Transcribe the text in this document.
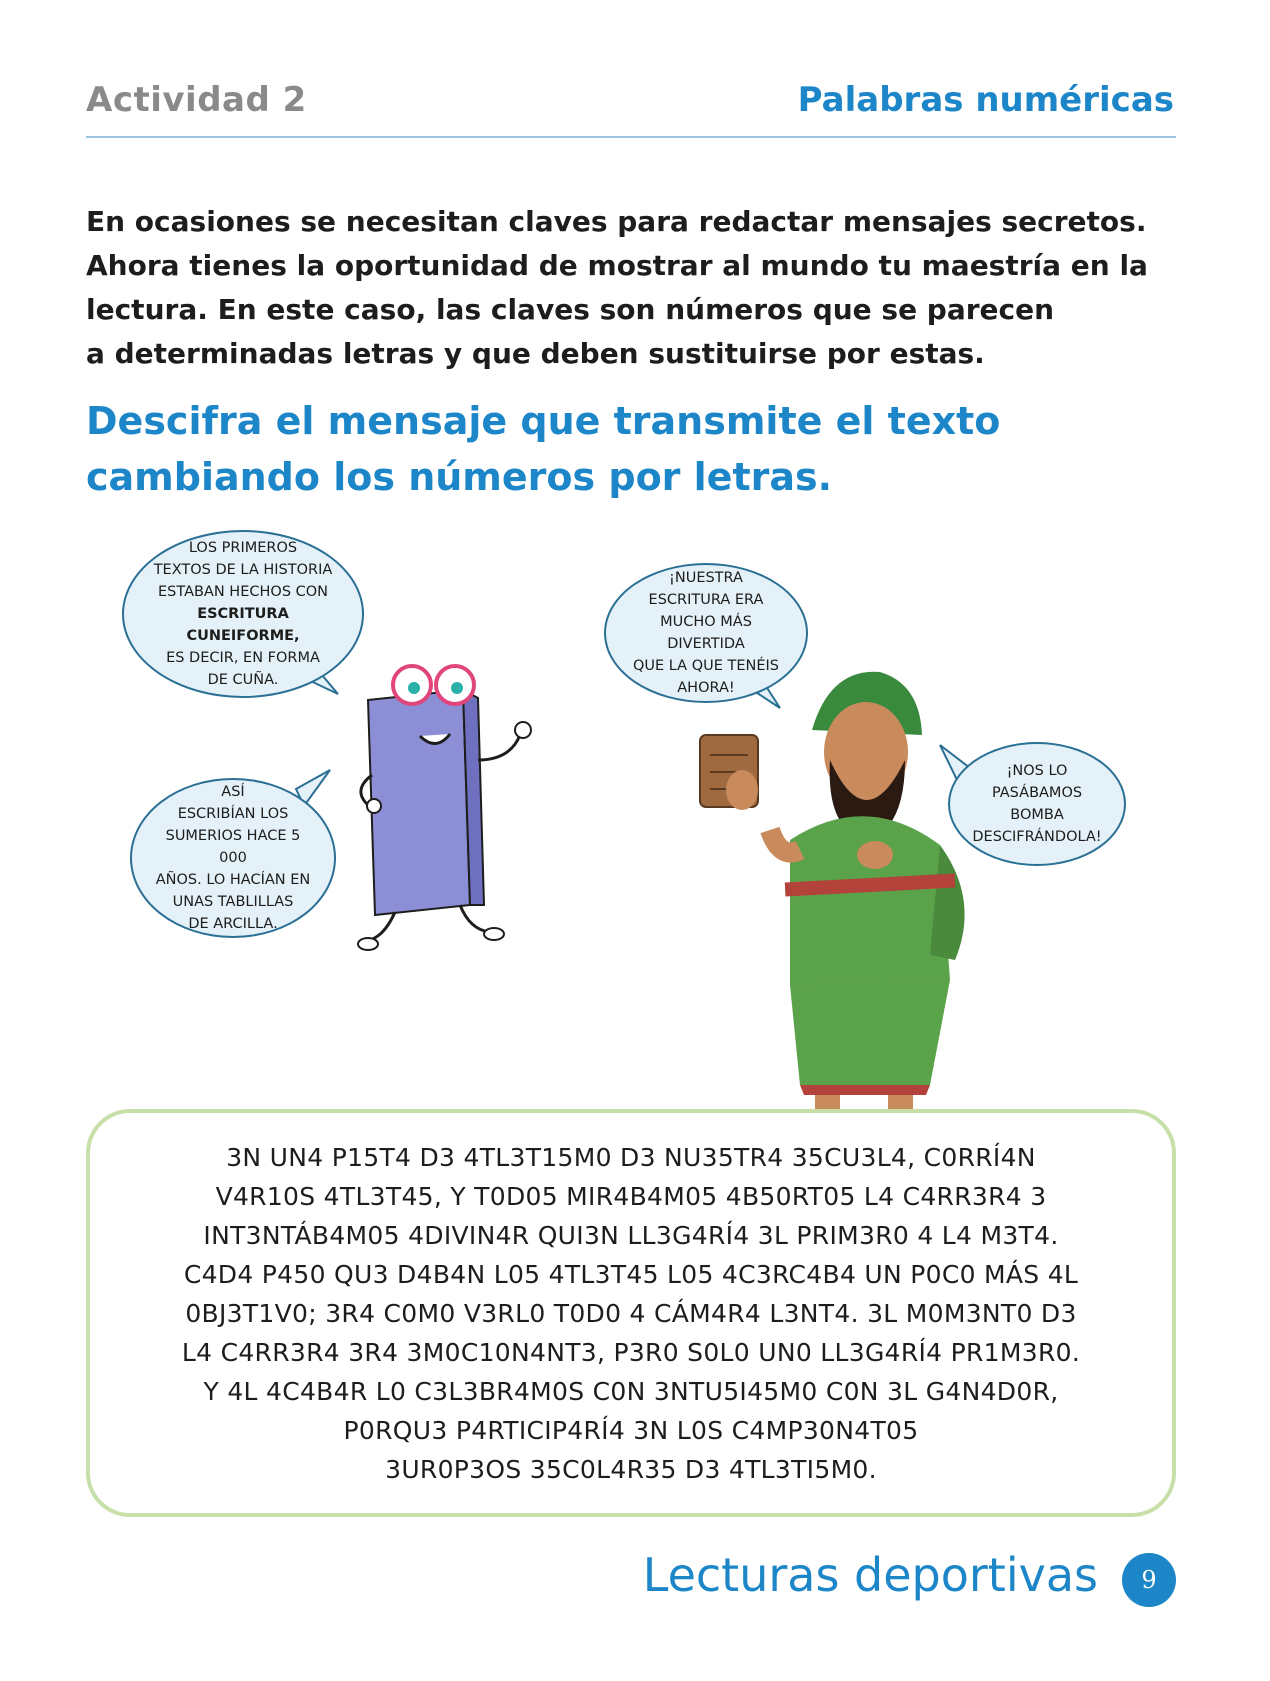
Actividad 2	Palabras numéricas

En ocasiones se necesitan claves para redactar mensajes secretos.
Ahora tienes la oportunidad de mostrar al mundo tu maestría en la
lectura. En este caso, las claves son números que se parecen
a determinadas letras y que deben sustituirse por estas.

Descifra el mensaje que transmite el texto
cambiando los números por letras.

LOS PRIMEROS
TEXTOS DE LA HISTORIA
ESTABAN HECHOS CON
ESCRITURA CUNEIFORME,
ES DECIR, EN FORMA
DE CUÑA.

ASÍ
ESCRIBÍAN LOS
SUMERIOS HACE 5 000
AÑOS. LO HACÍAN EN
UNAS TABLILLAS
DE ARCILLA.

¡NUESTRA
ESCRITURA ERA
MUCHO MÁS DIVERTIDA
QUE LA QUE TENÉIS
AHORA!

¡NOS LO
PASÁBAMOS
BOMBA
DESCIFRÁNDOLA!

3N UN4 P15T4 D3 4TL3T15M0 D3 NU35TR4 35CU3L4, C0RRÍ4N
V4R10S 4TL3T45, Y T0D05 MIR4B4M05 4B50RT05 L4 C4RR3R4 3
INT3NTÁB4M05 4DIVIN4R QUI3N LL3G4RÍ4 3L PRIM3R0 4 L4 M3T4.
C4D4 P450 QU3 D4B4N L05 4TL3T45 L05 4C3RC4B4 UN P0C0 MÁS 4L
0BJ3T1V0; 3R4 C0M0 V3RL0 T0D0 4 CÁM4R4 L3NT4. 3L M0M3NT0 D3
L4 C4RR3R4 3R4 3M0C10N4NT3, P3R0 S0L0 UN0 LL3G4RÍ4 PR1M3R0.
Y 4L 4C4B4R L0 C3L3BR4M0S C0N 3NTU5I45M0 C0N 3L G4N4D0R,
P0RQU3 P4RTICIP4RÍ4 3N L0S C4MP30N4T05
3UR0P3OS 35C0L4R35 D3 4TL3TI5M0.
Lecturas deportivas	9
